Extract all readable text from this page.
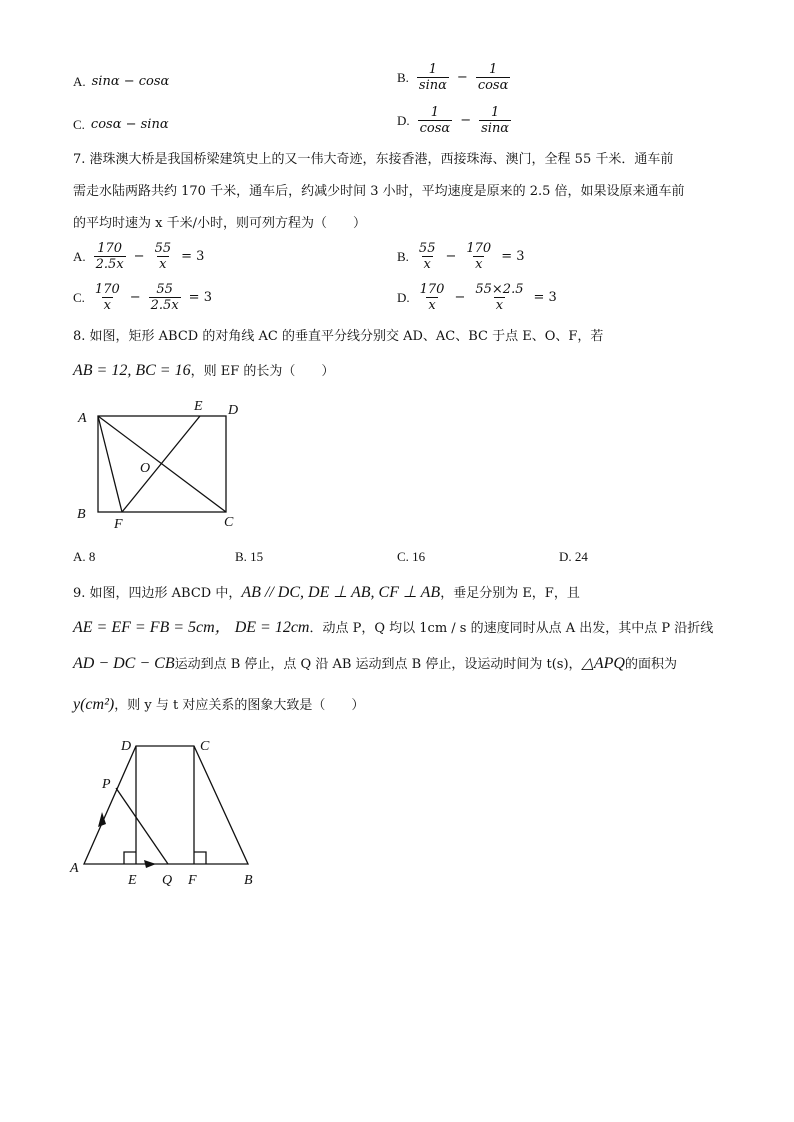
A. sinα − cosα	B. $\frac{1}{\sin\alpha} - \frac{1}{\cos\alpha}$
C. cosα − sinα	D. $\frac{1}{\cos\alpha} - \frac{1}{\sin\alpha}$
7. 港珠澳大桥是我国桥梁建筑史上的又一伟大奇迹，东接香港，西接珠海、澳门，全程 55 千米．通车前
需走水陆两路共约 170 千米，通车后，约减少时间 3 小时，平均速度是原来的 2.5 倍，如果设原来通车前
的平均时速为 x 千米/小时，则可列方程为（　　）
A. $\frac{170}{2.5x} - \frac{55}{x} = 3$	B. $\frac{55}{x} - \frac{170}{x} = 3$
C. $\frac{170}{x} - \frac{55}{2.5x} = 3$	D. $\frac{170}{x} - \frac{55\times 2.5}{x} = 3$
8. 如图，矩形 ABCD 的对角线 AC 的垂直平分线分别交 AD、AC、BC 于点 E、O、F，若
AB = 12, BC = 16，则 EF 的长为（　　）
A
B
C
D
E
F
O
A. 8	B. 15	C. 16	D. 24
9. 如图，四边形 ABCD 中，AB // DC, DE ⊥ AB, CF ⊥ AB，垂足分别为 E，F，且
AE = EF = FB = 5cm， DE = 12cm．动点 P，Q 均以 1cm / s 的速度同时从点 A 出发，其中点 P 沿折线
AD − DC − CB运动到点 B 停止，点 Q 沿 AB 运动到点 B 停止，设运动时间为 t(s)，△APQ的面积为
y(cm²)，则 y 与 t 对应关系的图象大致是（　　）
A
B
C
D
E	F
P
Q
